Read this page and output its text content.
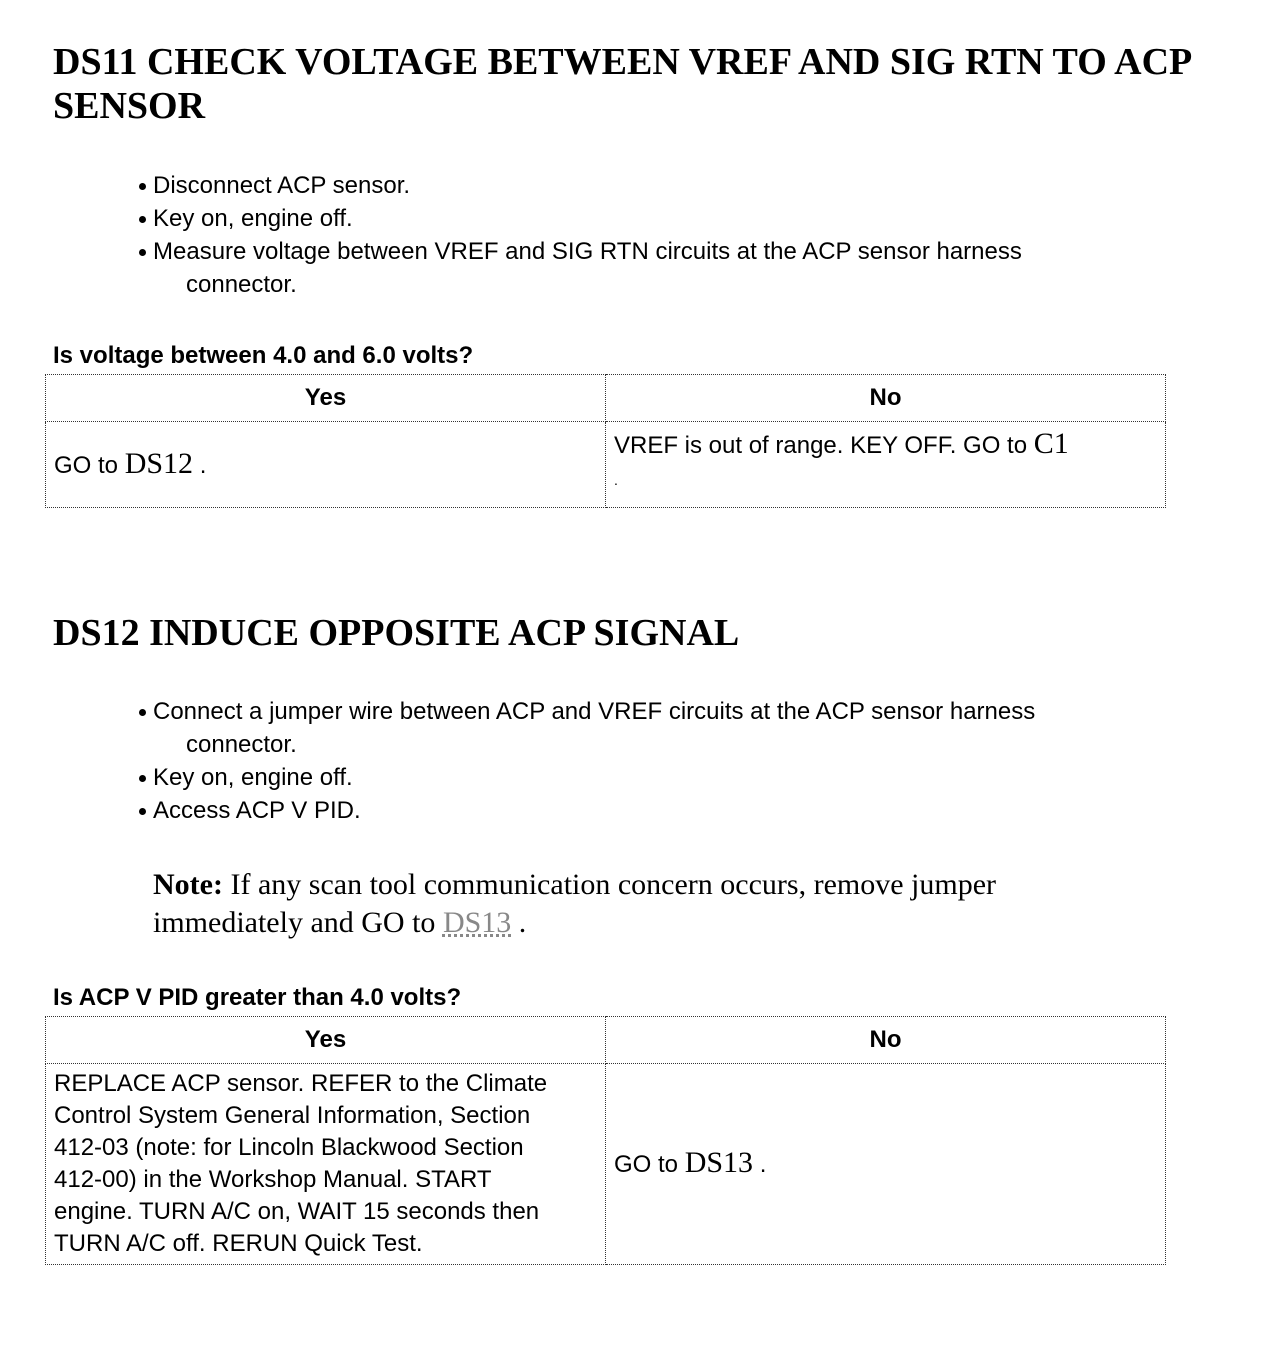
DS11 CHECK VOLTAGE BETWEEN VREF AND SIG RTN TO ACP SENSOR
Disconnect ACP sensor.
Key on, engine off.
Measure voltage between VREF and SIG RTN circuits at the ACP sensor harness
connector.

Is voltage between 4.0 and 6.0 volts?

Yes	No
GO to DS12 .	VREF is out of range. KEY OFF. GO to C1
.
DS12 INDUCE OPPOSITE ACP SIGNAL
Connect a jumper wire between ACP and VREF circuits at the ACP sensor harness
connector.
Key on, engine off.
Access ACP V PID.

Note: If any scan tool communication concern occurs, remove jumper immediately and GO to DS13 .

Is ACP V PID greater than 4.0 volts?

Yes	No
REPLACE ACP sensor. REFER to the Climate Control System General Information, Section 412-03 (note: for Lincoln Blackwood Section 412-00) in the Workshop Manual. START engine. TURN A/C on, WAIT 15 seconds then TURN A/C off. RERUN Quick Test.	GO to DS13 .
